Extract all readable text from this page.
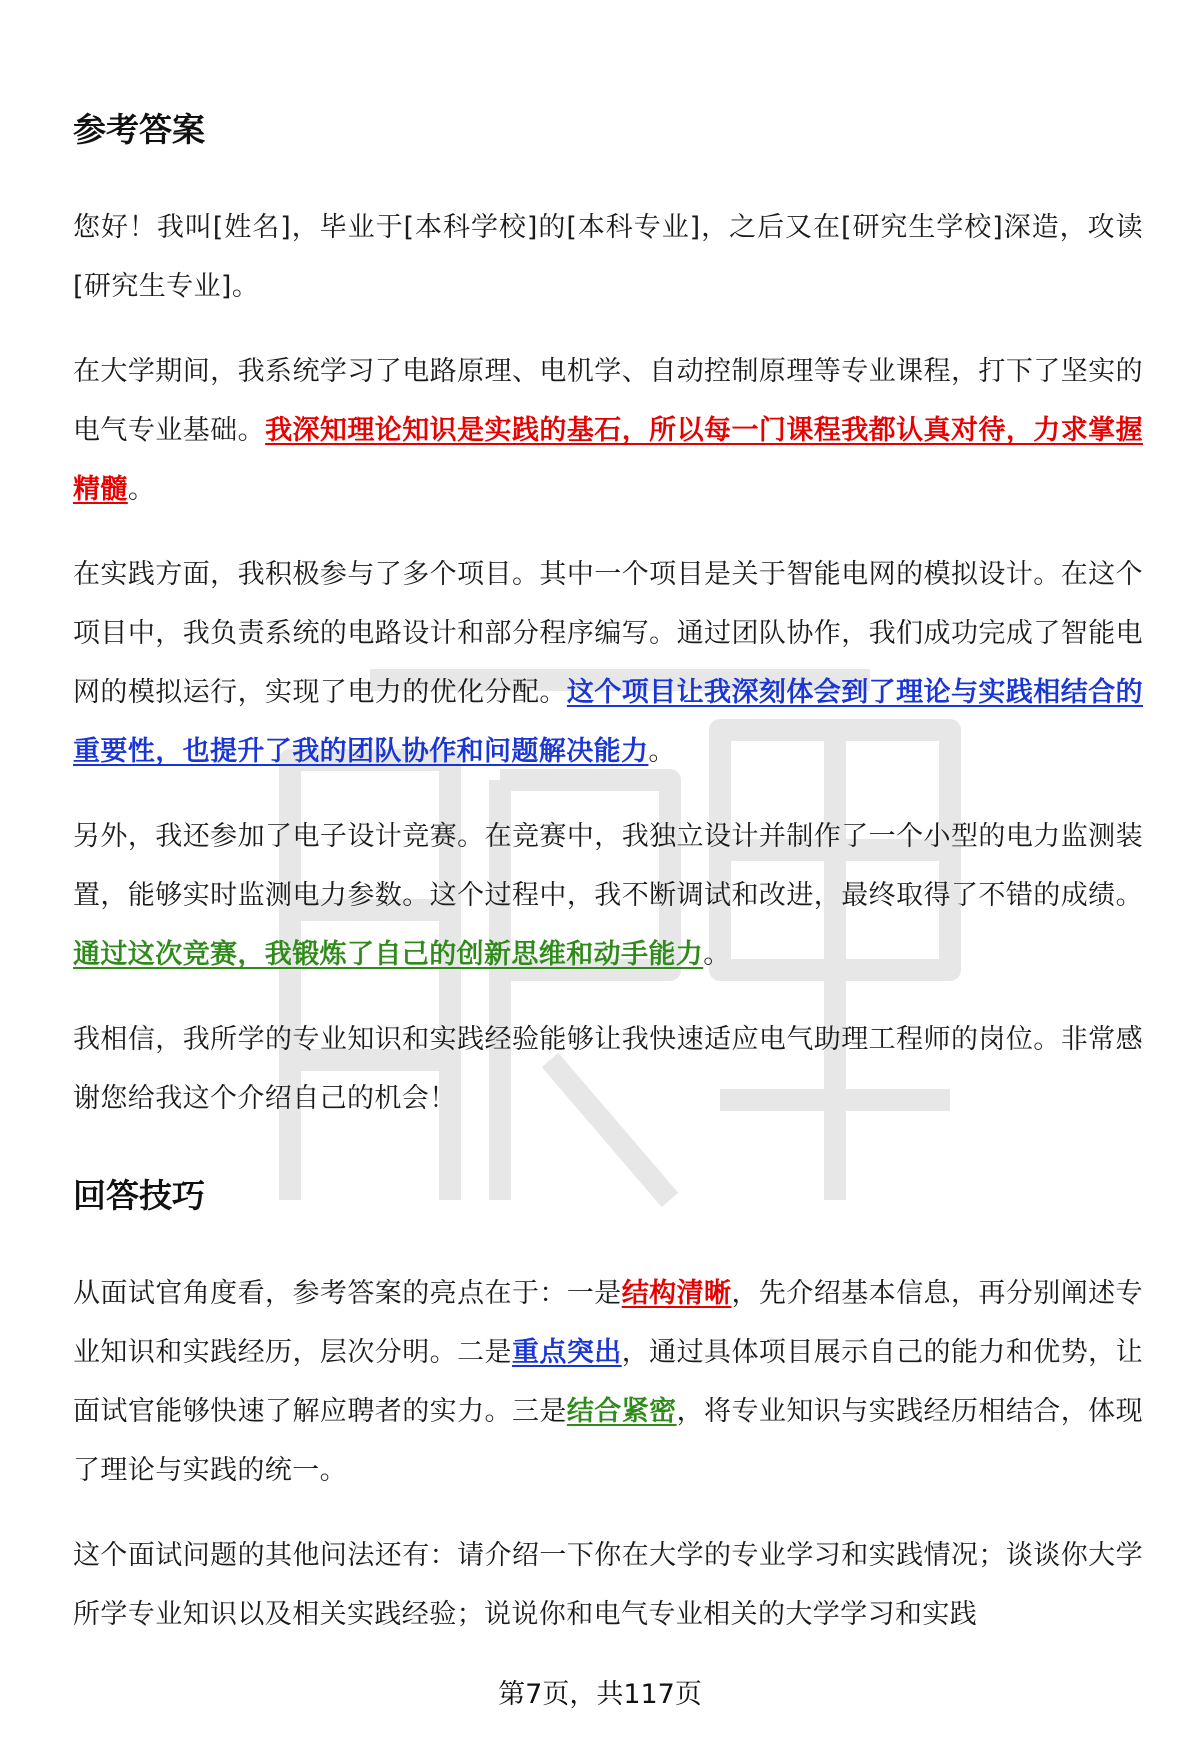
参考答案

您好！我叫[姓名]，毕业于[本科学校]的[本科专业]，之后又在[研究生学校]深造，攻读[研究生专业]。

在大学期间，我系统学习了电路原理、电机学、自动控制原理等专业课程，打下了坚实的电气专业基础。我深知理论知识是实践的基石，所以每一门课程我都认真对待，力求掌握精髓。

在实践方面，我积极参与了多个项目。其中一个项目是关于智能电网的模拟设计。在这个项目中，我负责系统的电路设计和部分程序编写。通过团队协作，我们成功完成了智能电网的模拟运行，实现了电力的优化分配。这个项目让我深刻体会到了理论与实践相结合的重要性，也提升了我的团队协作和问题解决能力。

另外，我还参加了电子设计竞赛。在竞赛中，我独立设计并制作了一个小型的电力监测装置，能够实时监测电力参数。这个过程中，我不断调试和改进，最终取得了不错的成绩。通过这次竞赛，我锻炼了自己的创新思维和动手能力。

我相信，我所学的专业知识和实践经验能够让我快速适应电气助理工程师的岗位。非常感谢您给我这个介绍自己的机会！

回答技巧

从面试官角度看，参考答案的亮点在于：一是结构清晰，先介绍基本信息，再分别阐述专业知识和实践经历，层次分明。二是重点突出，通过具体项目展示自己的能力和优势，让面试官能够快速了解应聘者的实力。三是结合紧密，将专业知识与实践经历相结合，体现了理论与实践的统一。

这个面试问题的其他问法还有：请介绍一下你在大学的专业学习和实践情况；谈谈你大学所学专业知识以及相关实践经验；说说你和电气专业相关的大学学习和实践

第7页，共117页
